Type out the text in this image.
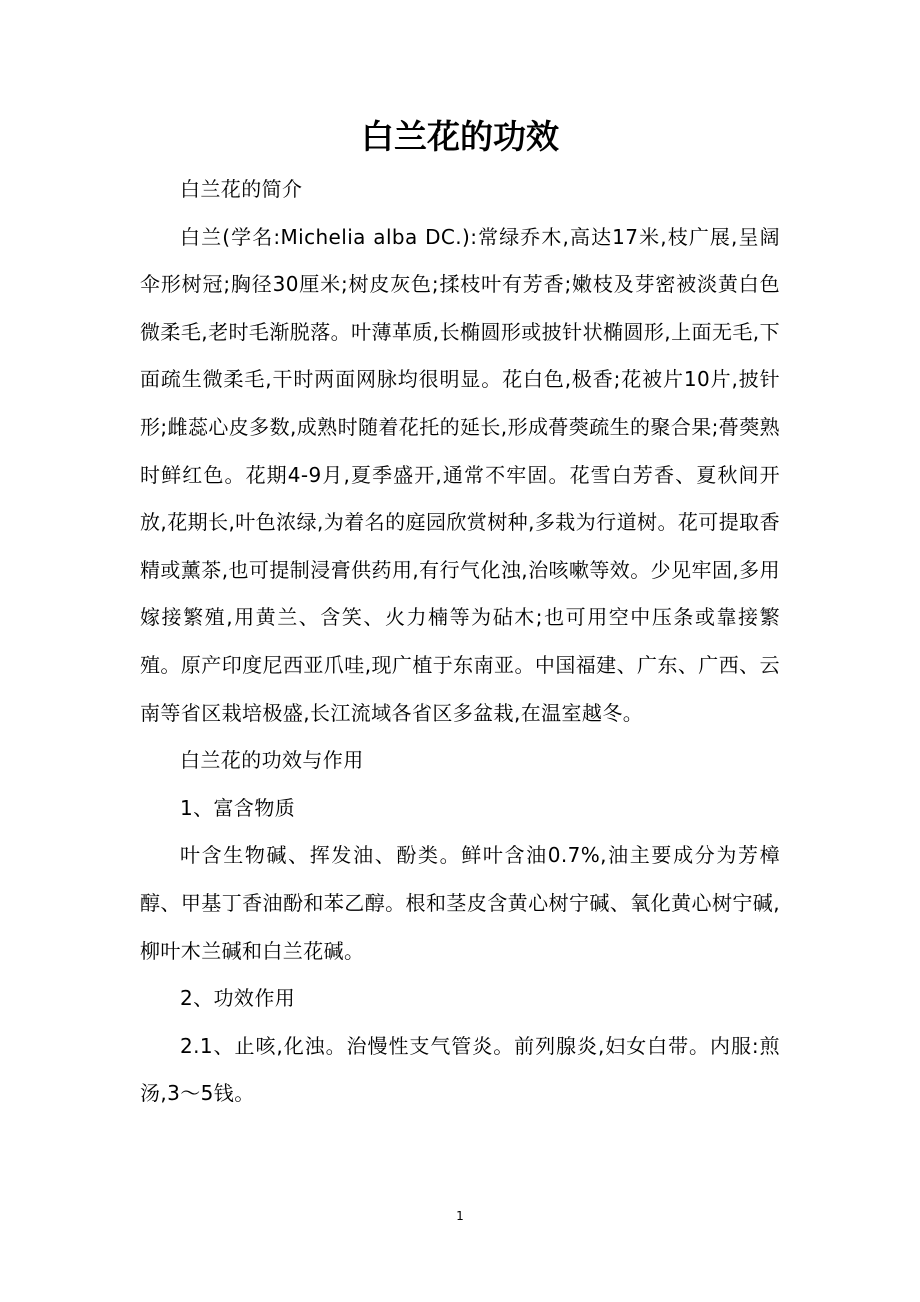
白兰花的功效

白兰花的简介

白兰(学名:Michelia alba DC.):常绿乔木,高达17米,枝广展,呈阔伞形树冠;胸径30厘米;树皮灰色;揉枝叶有芳香;嫩枝及芽密被淡黄白色微柔毛,老时毛渐脱落。叶薄革质,长椭圆形或披针状椭圆形,上面无毛,下面疏生微柔毛,干时两面网脉均很明显。花白色,极香;花被片10片,披针形;雌蕊心皮多数,成熟时随着花托的延长,形成蓇葖疏生的聚合果;蓇葖熟时鲜红色。花期4-9月,夏季盛开,通常不牢固。花雪白芳香、夏秋间开放,花期长,叶色浓绿,为着名的庭园欣赏树种,多栽为行道树。花可提取香精或薰茶,也可提制浸膏供药用,有行气化浊,治咳嗽等效。少见牢固,多用嫁接繁殖,用黄兰、含笑、火力楠等为砧木;也可用空中压条或靠接繁殖。原产印度尼西亚爪哇,现广植于东南亚。中国福建、广东、广西、云南等省区栽培极盛,长江流域各省区多盆栽,在温室越冬。

白兰花的功效与作用

1、富含物质

叶含生物碱、挥发油、酚类。鲜叶含油0.7%,油主要成分为芳樟醇、甲基丁香油酚和苯乙醇。根和茎皮含黄心树宁碱、氧化黄心树宁碱,柳叶木兰碱和白兰花碱。

2、功效作用

2.1、止咳,化浊。治慢性支气管炎。前列腺炎,妇女白带。内服:煎汤,3～5钱。

1
